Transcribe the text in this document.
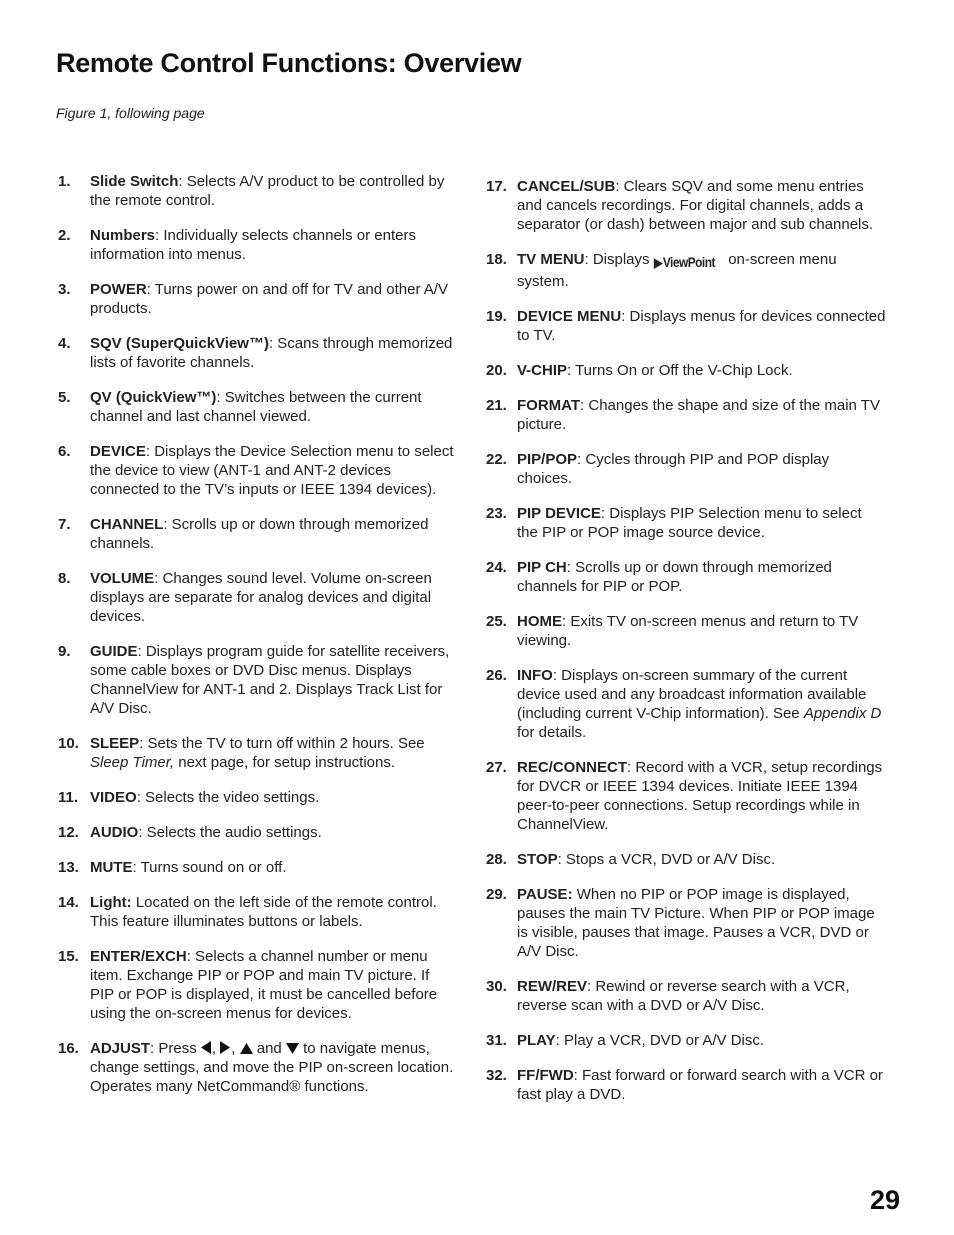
Remote Control Functions: Overview
Figure 1, following page
1. Slide Switch: Selects A/V product to be controlled by the remote control.
2. Numbers: Individually selects channels or enters information into menus.
3. POWER: Turns power on and off for TV and other A/V products.
4. SQV (SuperQuickView™): Scans through memorized lists of favorite channels.
5. QV (QuickView™): Switches between the current channel and last channel viewed.
6. DEVICE: Displays the Device Selection menu to select the device to view (ANT-1 and ANT-2 devices connected to the TV’s inputs or IEEE 1394 devices).
7. CHANNEL: Scrolls up or down through memorized channels.
8. VOLUME: Changes sound level. Volume on-screen displays are separate for analog devices and digital devices.
9. GUIDE: Displays program guide for satellite receivers, some cable boxes or DVD Disc menus. Displays ChannelView for ANT-1 and 2. Displays Track List for A/V Disc.
10. SLEEP: Sets the TV to turn off within 2 hours. See Sleep Timer, next page, for setup instructions.
11. VIDEO: Selects the video settings.
12. AUDIO: Selects the audio settings.
13. MUTE: Turns sound on or off.
14. Light: Located on the left side of the remote control. This feature illuminates buttons or labels.
15. ENTER/EXCH: Selects a channel number or menu item. Exchange PIP or POP and main TV picture. If PIP or POP is displayed, it must be cancelled before using the on-screen menus for devices.
16. ADJUST: Press , ,  and  to navigate menus, change settings, and move the PIP on-screen location. Operates many NetCommand® functions.
17. CANCEL/SUB: Clears SQV and some menu entries and cancels recordings. For digital channels, adds a separator (or dash) between major and sub channels.
18. TV MENU: Displays ▶ViewPoint on-screen menu system.
19. DEVICE MENU: Displays menus for devices connected to TV.
20. V-CHIP: Turns On or Off the V-Chip Lock.
21. FORMAT: Changes the shape and size of the main TV picture.
22. PIP/POP: Cycles through PIP and POP display choices.
23. PIP DEVICE: Displays PIP Selection menu to select the PIP or POP image source device.
24. PIP CH: Scrolls up or down through memorized channels for PIP or POP.
25. HOME: Exits TV on-screen menus and return to TV viewing.
26. INFO: Displays on-screen summary of the current device used and any broadcast information available (including current V-Chip information). See Appendix D for details.
27. REC/CONNECT: Record with a VCR, setup recordings for DVCR or IEEE 1394 devices. Initiate IEEE 1394 peer-to-peer connections. Setup recordings while in ChannelView.
28. STOP: Stops a VCR, DVD or A/V Disc.
29. PAUSE: When no PIP or POP image is displayed, pauses the main TV Picture. When PIP or POP image is visible, pauses that image. Pauses a VCR, DVD or A/V Disc.
30. REW/REV: Rewind or reverse search with a VCR, reverse scan with a DVD or A/V Disc.
31. PLAY: Play a VCR, DVD or A/V Disc.
32. FF/FWD: Fast forward or forward search with a VCR or fast play a DVD.
29
